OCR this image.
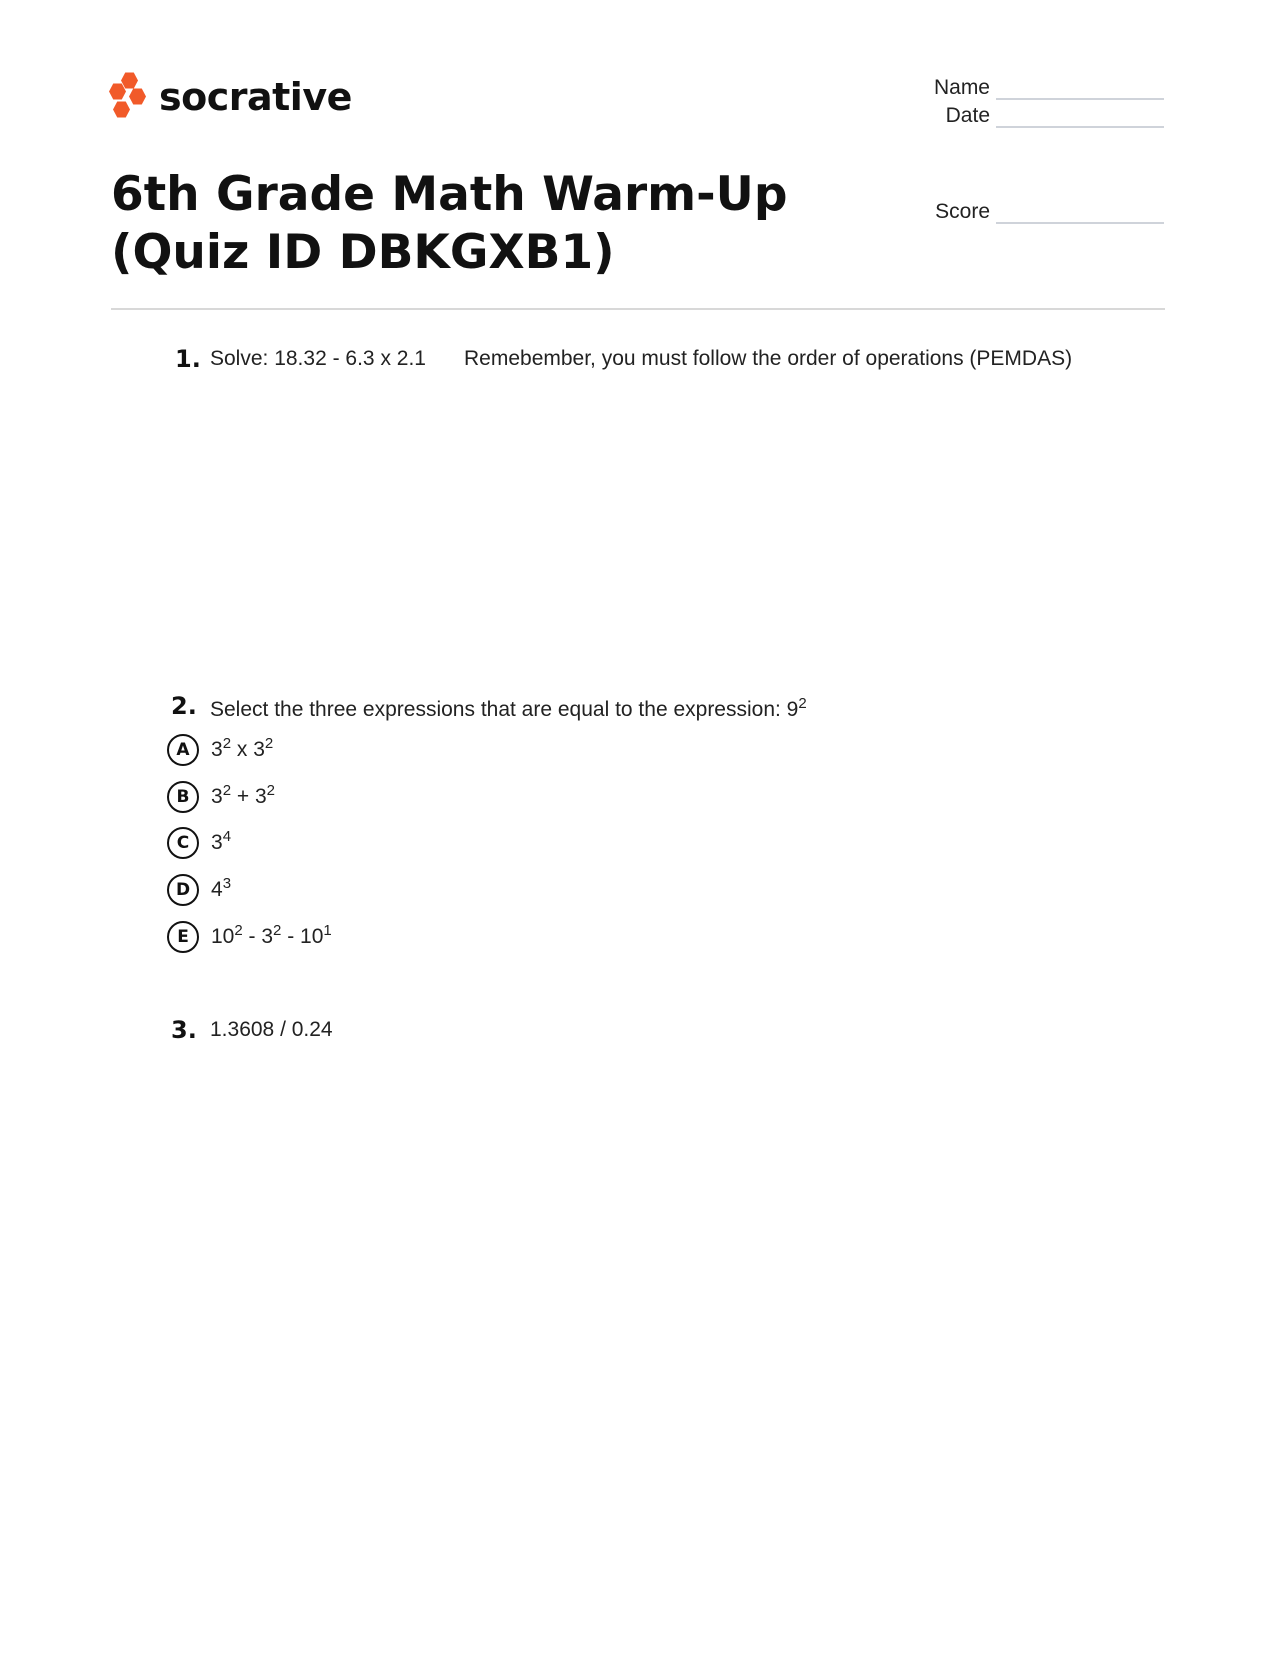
socrative	Name
Date
Score
6th Grade Math Warm-Up (Quiz ID DBKGXB1)
1. Solve: 18.32 - 6.3 x 2.1 Remebember, you must follow the order of operations (PEMDAS)
2. Select the three expressions that are equal to the expression: $9^2$
A	$3^2$ x $3^2$
B	$3^2 + 3^2$
C	$3^4$
D $4^3$
E	$10^2 - 3^2 - 10^1$
3. 1.3608 / 0.24
